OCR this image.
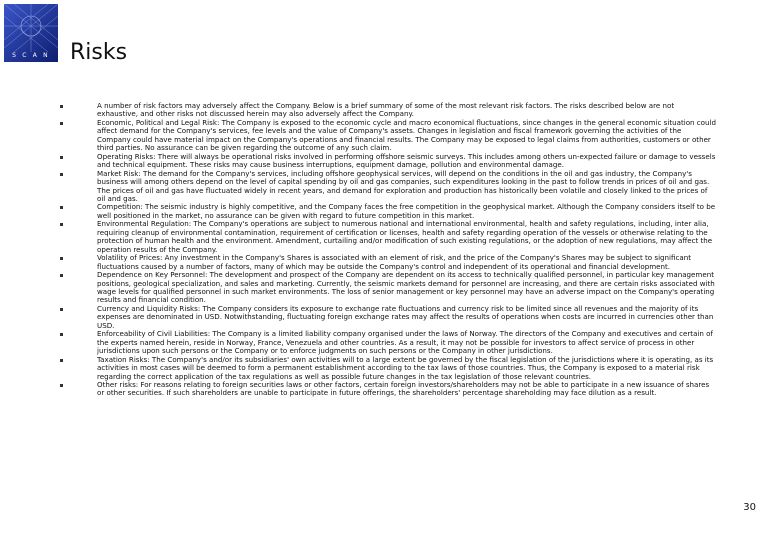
S C A N Risks
A number of risk factors may adversely affect the Company. Below is a brief summary of some of the most relevant risk factors. The risks described below are not exhaustive, and other risks not discussed herein may also adversely affect the Company.
Economic, Political and Legal Risk: The Company is exposed to the economic cycle and macro economical fluctuations, since changes in the general economic situation could affect demand for the Company's services, fee levels and the value of Company's assets. Changes in legislation and fiscal framework governing the activities of the Company could have material impact on the Company's operations and financial results. The Company may be exposed to legal claims from authorities, customers or other third parties. No assurance can be given regarding the outcome of any such claim.
Operating Risks: There will always be operational risks involved in performing offshore seismic surveys. This includes among others un-expected failure or damage to vessels and technical equipment. These risks may cause business interruptions, equipment damage, pollution and environmental damage.
Market Risk: The demand for the Company's services, including offshore geophysical services, will depend on the conditions in the oil and gas industry, the Company's business will among others depend on the level of capital spending by oil and gas companies, such expenditures looking in the past to follow trends in prices of oil and gas. The prices of oil and gas have fluctuated widely in recent years, and demand for exploration and production has historically been volatile and closely linked to the prices of oil and gas.
Competition: The seismic industry is highly competitive, and the Company faces the free competition in the geophysical market. Although the Company considers itself to be well positioned in the market, no assurance can be given with regard to future competition in this market.
Environmental Regulation: The Company's operations are subject to numerous national and international environmental, health and safety regulations, including, inter alia, requiring cleanup of environmental contamination, requirement of certification or licenses, health and safety regarding operation of the vessels or otherwise relating to the protection of human health and the environment. Amendment, curtailing and/or modification of such existing regulations, or the adoption of new regulations, may affect the operation results of the Company.
Volatility of Prices: Any investment in the Company's Shares is associated with an element of risk, and the price of the Company's Shares may be subject to significant fluctuations caused by a number of factors, many of which may be outside the Company's control and independent of its operational and financial development.
Dependence on Key Personnel: The development and prospect of the Company are dependent on its access to technically qualified personnel, in particular key management positions, geological specialization, and sales and marketing. Currently, the seismic markets demand for personnel are increasing, and there are certain risks associated with wage levels for qualified personnel in such market environments. The loss of senior management or key personnel may have an adverse impact on the Company's operating results and financial condition.
Currency and Liquidity Risks: The Company considers its exposure to exchange rate fluctuations and currency risk to be limited since all revenues and the majority of its expenses are denominated in USD. Notwithstanding, fluctuating foreign exchange rates may affect the results of operations when costs are incurred in currencies other than USD.
Enforceability of Civil Liabilities: The Company is a limited liability company organised under the laws of Norway. The directors of the Company and executives and certain of the experts named herein, reside in Norway, France, Venezuela and other countries. As a result, it may not be possible for investors to affect service of process in other jurisdictions upon such persons or the Company or to enforce judgments on such persons or the Company in other jurisdictions.
Taxation Risks: The Company's and/or its subsidiaries' own activities will to a large extent be governed by the fiscal legislation of the jurisdictions where it is operating, as its activities in most cases will be deemed to form a permanent establishment according to the tax laws of those countries. Thus, the Company is exposed to a material risk regarding the correct application of the tax regulations as well as possible future changes in the tax legislation of those relevant countries.
Other risks: For reasons relating to foreign securities laws or other factors, certain foreign investors/shareholders may not be able to participate in a new issuance of shares or other securities. If such shareholders are unable to participate in future offerings, the shareholders' percentage shareholding may face dilution as a result.
30
